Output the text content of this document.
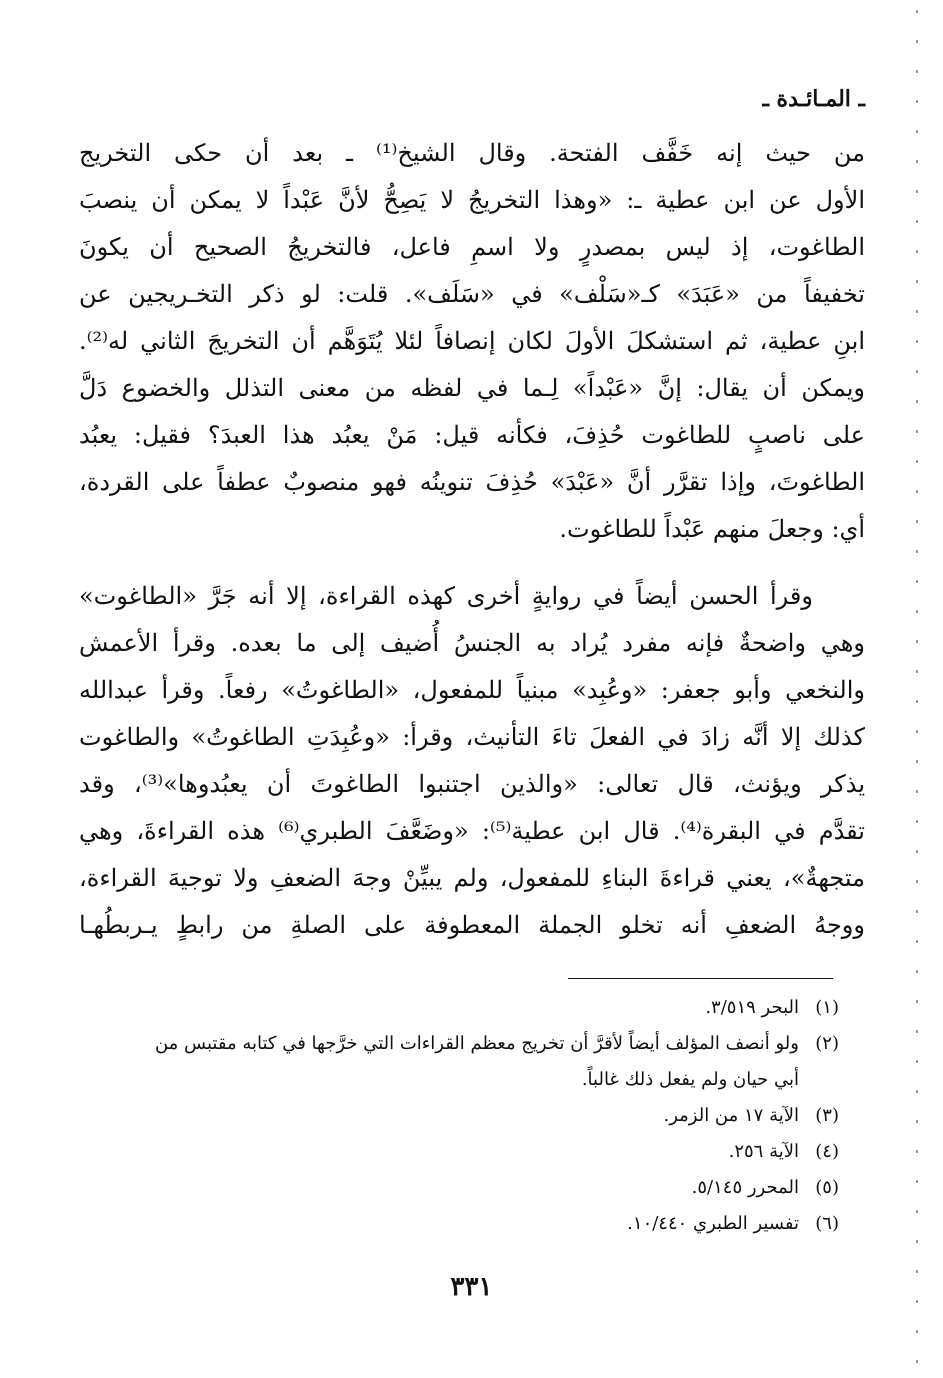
ـ المـائـدة ـ
من حيث إنه خَفَّف الفتحة. وقال الشيخ⁽¹⁾ ـ بعد أن حكى التخريج
الأول عن ابن عطية ـ: «وهذا التخريجُ لا يَصِحُّ لأنَّ عَبْداً لا يمكن أن ينصبَ
الطاغوت، إذ ليس بمصدرٍ ولا اسمِ فاعل، فالتخريجُ الصحيح أن يكونَ
تخفيفاً من «عَبَدَ» كـ«سَلْف» في «سَلَف». قلت: لو ذكر التخـريجين عن
ابنِ عطية، ثم استشكلَ الأولَ لكان إنصافاً لئلا يُتَوَهَّم أن التخريجَ الثاني له⁽²⁾.
ويمكن أن يقال: إنَّ «عَبْداً» لِـما في لفظه من معنى التذلل والخضوع دَلَّ
على ناصبٍ للطاغوت حُذِفَ، فكأنه قيل: مَنْ يعبُد هذا العبدَ؟ فقيل: يعبُد
الطاغوتَ، وإذا تقرَّر أنَّ «عَبْدَ» حُذِفَ تنوينُه فهو منصوبٌ عطفاً على القردة،
أي: وجعلَ منهم عَبْداً للطاغوت.
وقرأ الحسن أيضاً في روايةٍ أخرى كهذه القراءة، إلا أنه جَرَّ «الطاغوت»
وهي واضحةٌ فإنه مفرد يُراد به الجنسُ أُضيف إلى ما بعده. وقرأ الأعمش
والنخعي وأبو جعفر: «وعُبِد» مبنياً للمفعول، «الطاغوتُ» رفعاً. وقرأ عبدالله
كذلك إلا أنَّه زادَ في الفعلَ تاءَ التأنيث، وقرأ: «وعُبِدَتِ الطاغوتُ» والطاغوت
يذكر ويؤنث، قال تعالى: «والذين اجتنبوا الطاغوتَ أن يعبُدوها»⁽³⁾، وقد
تقدَّم في البقرة⁽⁴⁾. قال ابن عطية⁽⁵⁾: «وضَعَّفَ الطبري⁽⁶⁾ هذه القراءةَ، وهي
متجهةٌ»، يعني قراءةَ البناءِ للمفعول، ولم يبيِّنْ وجهَ الضعفِ ولا توجيهَ القراءة،
ووجهُ الضعفِ أنه تخلو الجملة المعطوفة على الصلةِ من رابطٍ يـربطُهـا
(١)
البحر ٣/٥١٩.
(٢)
ولو أنصف المؤلف أيضاً لأقرَّ أن تخريج معظم القراءات التي خرَّجها في كتابه مقتبس من
أبي حيان ولم يفعل ذلك غالباً.
(٣)
الآية ١٧ من الزمر.
(٤)
الآية ٢٥٦.
(٥)
المحرر ٥/١٤٥.
(٦)
تفسير الطبري ١٠/٤٤٠.
٣٣١
